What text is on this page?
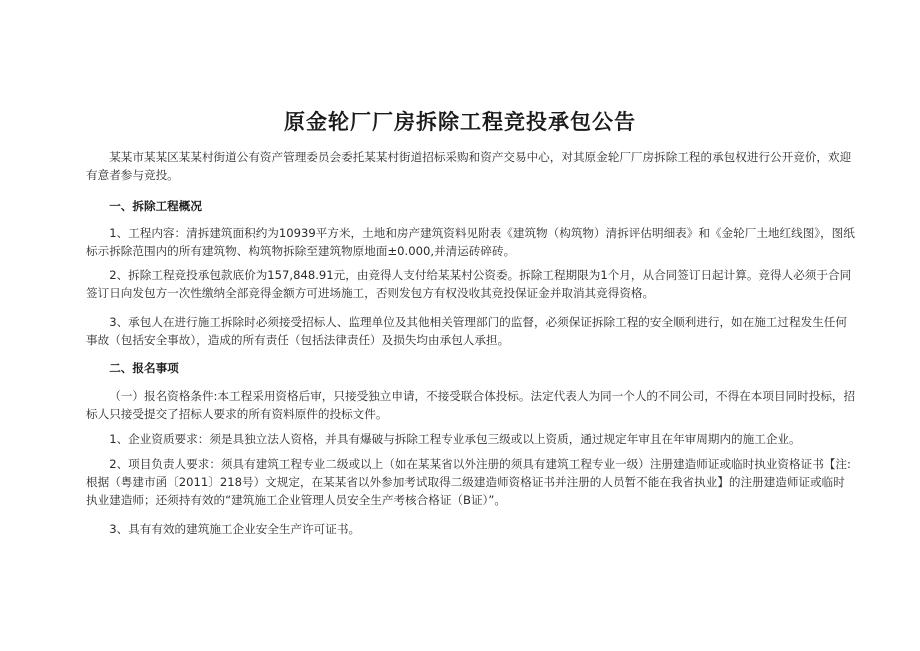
原金轮厂厂房拆除工程竞投承包公告

某某市某某区某某村街道公有资产管理委员会委托某某村街道招标采购和资产交易中心，对其原金轮厂厂房拆除工程的承包权进行公开竞价，欢迎有意者参与竞投。

一、拆除工程概况

1、工程内容：清拆建筑面积约为10939平方米，土地和房产建筑资料见附表《建筑物（构筑物）清拆评估明细表》和《金轮厂土地红线图》，图纸标示拆除范围内的所有建筑物、构筑物拆除至建筑物原地面±0.000,并清运砖碎砖。

2、拆除工程竞投承包款底价为157,848.91元，由竞得人支付给某某村公资委。拆除工程期限为1个月，从合同签订日起计算。竞得人必须于合同签订日向发包方一次性缴纳全部竞得金额方可进场施工，否则发包方有权没收其竞投保证金并取消其竞得资格。

3、承包人在进行施工拆除时必须接受招标人、监理单位及其他相关管理部门的监督，必须保证拆除工程的安全顺利进行，如在施工过程发生任何事故（包括安全事故），造成的所有责任（包括法律责任）及损失均由承包人承担。

二、报名事项

（一）报名资格条件:本工程采用资格后审，只接受独立申请，不接受联合体投标。法定代表人为同一个人的不同公司，不得在本项目同时投标，招标人只接受提交了招标人要求的所有资料原件的投标文件。

1、企业资质要求：须是具独立法人资格，并具有爆破与拆除工程专业承包三级或以上资质，通过规定年审且在年审周期内的施工企业。

2、项目负责人要求：须具有建筑工程专业二级或以上（如在某某省以外注册的须具有建筑工程专业一级）注册建造师证或临时执业资格证书【注:根据（粤建市函〔2011〕218号）文规定，在某某省以外参加考试取得二级建造师资格证书并注册的人员暂不能在我省执业】的注册建造师证或临时执业建造师；还须持有效的“建筑施工企业管理人员安全生产考核合格证（B证）”。

3、具有有效的建筑施工企业安全生产许可证书。
